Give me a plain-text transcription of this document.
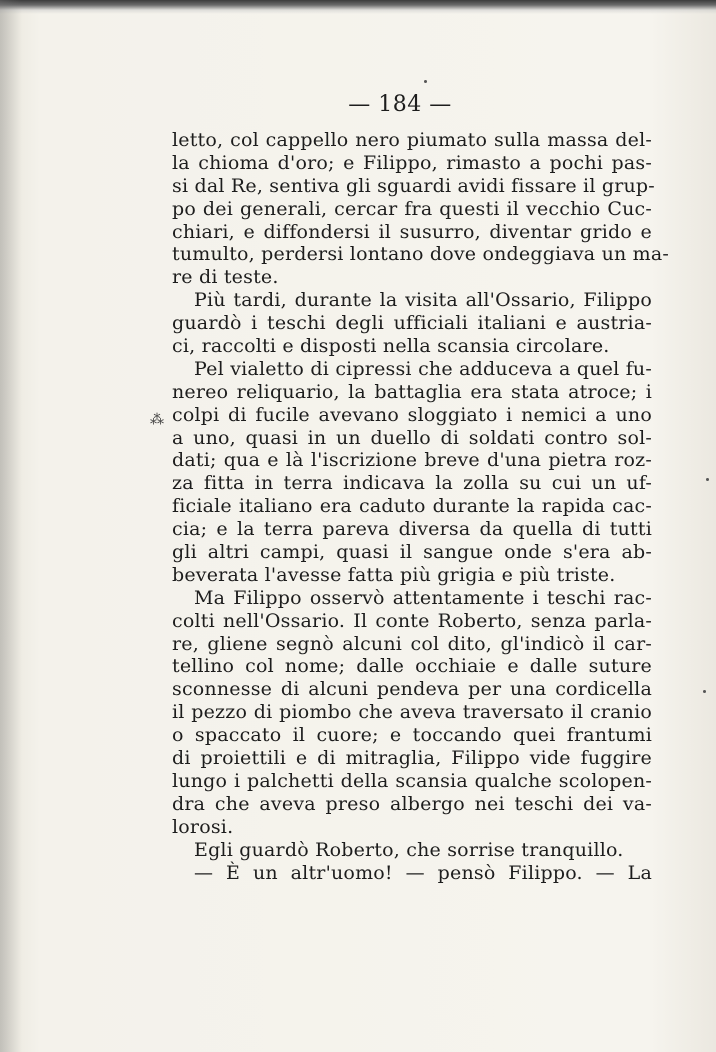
— 184 —
⁂
letto, col cappello nero piumato sulla massa del-
la chioma d'oro; e Filippo, rimasto a pochi pas-
si dal Re, sentiva gli sguardi avidi fissare il grup-
po dei generali, cercar fra questi il vecchio Cuc-
chiari, e diffondersi il susurro, diventar grido e
tumulto, perdersi lontano dove ondeggiava un ma-
re di teste.
Più tardi, durante la visita all'Ossario, Filippo
guardò i teschi degli ufficiali italiani e austria-
ci, raccolti e disposti nella scansia circolare.
Pel vialetto di cipressi che adduceva a quel fu-
nereo reliquario, la battaglia era stata atroce; i
colpi di fucile avevano sloggiato i nemici a uno
a uno, quasi in un duello di soldati contro sol-
dati; qua e là l'iscrizione breve d'una pietra roz-
za fitta in terra indicava la zolla su cui un uf-
ficiale italiano era caduto durante la rapida cac-
cia; e la terra pareva diversa da quella di tutti
gli altri campi, quasi il sangue onde s'era ab-
beverata l'avesse fatta più grigia e più triste.
Ma Filippo osservò attentamente i teschi rac-
colti nell'Ossario. Il conte Roberto, senza parla-
re, gliene segnò alcuni col dito, gl'indicò il car-
tellino col nome; dalle occhiaie e dalle suture
sconnesse di alcuni pendeva per una cordicella
il pezzo di piombo che aveva traversato il cranio
o spaccato il cuore; e toccando quei frantumi
di proiettili e di mitraglia, Filippo vide fuggire
lungo i palchetti della scansia qualche scolopen-
dra che aveva preso albergo nei teschi dei va-
lorosi.
Egli guardò Roberto, che sorrise tranquillo.
— È un altr'uomo! — pensò Filippo. — La
